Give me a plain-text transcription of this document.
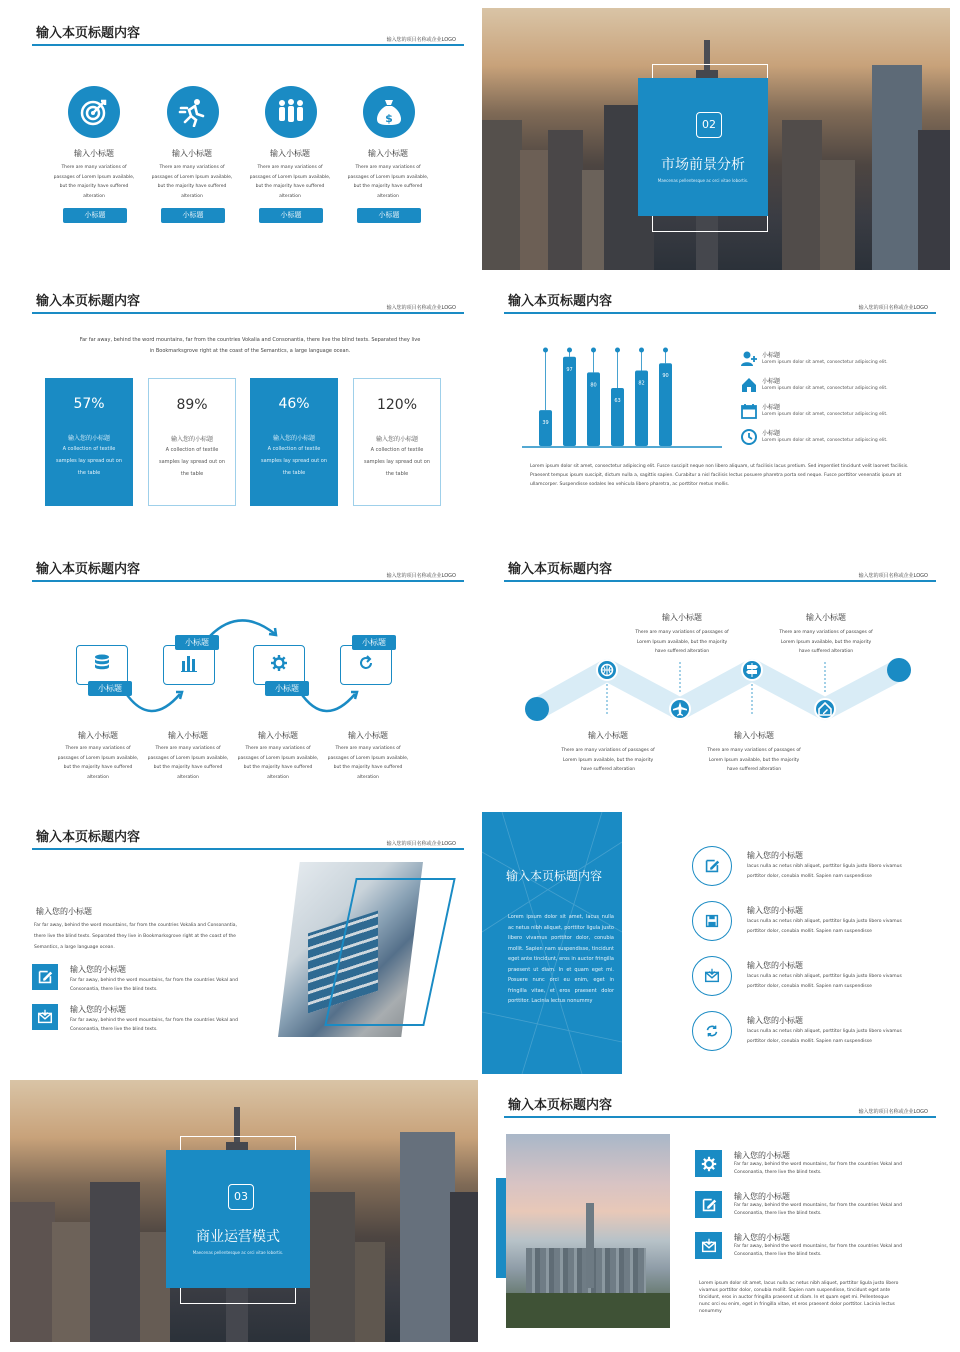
输入本页标题内容	输入您的项目名称或企业LOGO
$
输入小标题
There are many variations of
passages of Lorem Ipsum available,
but the majority have suffered
alteration
小标题
输入小标题
There are many variations of
passages of Lorem Ipsum available,
but the majority have suffered
alteration
小标题
输入小标题
There are many variations of
passages of Lorem Ipsum available,
but the majority have suffered
alteration
小标题
输入小标题
There are many variations of
passages of Lorem Ipsum available,
but the majority have suffered
alteration
小标题
02
市场前景分析
Maecenas pellentesque ac orci vitae lobortis.
输入本页标题内容	输入您的项目名称或企业LOGO
Far far away, behind the word mountains, far from the countries Vokalia and Consonantia, there live the blind texts. Separated they live
in Bookmarksgrove right at the coast of the Semantics, a large language ocean.
57%
输入您的小标题
A collection of textile
samples lay spread out on
the table
89%
输入您的小标题
A collection of textile
samples lay spread out on
the table
46%
输入您的小标题
A collection of textile
samples lay spread out on
the table
120%
输入您的小标题
A collection of textile
samples lay spread out on
the table
输入本页标题内容	输入您的项目名称或企业LOGO
39
97
80
63
82
90
小标题
Lorem ipsum dolor sit amet, consectetur adipiscing elit.
小标题
Lorem ipsum dolor sit amet, consectetur adipiscing elit.
小标题
Lorem ipsum dolor sit amet, consectetur adipiscing elit.
小标题
Lorem ipsum dolor sit amet, consectetur adipiscing elit.
Lorem ipsum dolor sit amet, consectetur adipiscing elit. Fusce suscipit neque non libero aliquam, ut facilisis lacus pretium. Sed imperdiet tincidunt velit laoreet facilisis.
Praesent tempus ipsum suscipit, dictum nulla a, sagittis sapien. Curabitur a nisl facilisis lectus posuere pharetra porta sed neque. Fusce porttitor venenatis ipsum at
ullamcorper. Suspendisse sodales leo vehicula libero pharetra, ac porttitor metus mollis.
输入本页标题内容	输入您的项目名称或企业LOGO
小标题
小标题
小标题
小标题
输入小标题
There are many variations of
passages of Lorem Ipsum available,
but the majority have suffered
alteration
输入小标题
There are many variations of
passages of Lorem Ipsum available,
but the majority have suffered
alteration
输入小标题
There are many variations of
passages of Lorem Ipsum available,
but the majority have suffered
alteration
输入小标题
There are many variations of
passages of Lorem Ipsum available,
but the majority have suffered
alteration
输入本页标题内容	输入您的项目名称或企业LOGO
输入小标题
There are many variations of passages of
Lorem Ipsum available, but the majority
have suffered alteration
输入小标题
There are many variations of passages of
Lorem Ipsum available, but the majority
have suffered alteration
输入小标题
There are many variations of passages of
Lorem Ipsum available, but the majority
have suffered alteration
输入小标题
There are many variations of passages of
Lorem Ipsum available, but the majority
have suffered alteration
输入本页标题内容	输入您的项目名称或企业LOGO
输入您的小标题
Far far away, behind the word mountains, far from the countries Vokalia and Consonantia,
there live the blind texts. Separated they live in Bookmarksgrove right at the coast of the
Semantics, a large language ocean.
输入您的小标题
Far far away, behind the word mountains, far from the countries Vokal and
Consonantia, there live the blind texts.
输入您的小标题
Far far away, behind the word mountains, far from the countries Vokal and
Consonantia, there live the blind texts.
输入本页标题内容
Lorem ipsum dolor sit amet, lacus nulla ac netus nibh aliquet, porttitor ligula justo libero vivamus porttitor dolor, conubia mollit. Sapien nam suspendisse, tincidunt eget ante tincidunt, eros in auctor fringilla praesent ut diam. In et quam eget mi. Posuere nunc orci eu enim, eget in fringilla vitae, et eros praesent dolor porttitor. Lacinia lectus nonummy
输入您的小标题
lacus nulla ac netus nibh aliquet, porttitor ligula justo libero vivamus
porttitor dolor, conubia mollit. Sapien nam suspendisse
输入您的小标题
lacus nulla ac netus nibh aliquet, porttitor ligula justo libero vivamus
porttitor dolor, conubia mollit. Sapien nam suspendisse
输入您的小标题
lacus nulla ac netus nibh aliquet, porttitor ligula justo libero vivamus
porttitor dolor, conubia mollit. Sapien nam suspendisse
输入您的小标题
lacus nulla ac netus nibh aliquet, porttitor ligula justo libero vivamus
porttitor dolor, conubia mollit. Sapien nam suspendisse
03
商业运营模式
Maecenas pellentesque ac orci vitae lobortis.
输入本页标题内容	输入您的项目名称或企业LOGO
输入您的小标题
Far far away, behind the word mountains, far from the countries Vokal and
Consonantia, there live the blind texts.
输入您的小标题
Far far away, behind the word mountains, far from the countries Vokal and
Consonantia, there live the blind texts.
输入您的小标题
Far far away, behind the word mountains, far from the countries Vokal and
Consonantia, there live the blind texts.
Lorem ipsum dolor sit amet, lacus nulla ac netus nibh aliquet, porttitor ligula justo libero
vivamus porttitor dolor, conubia mollit. Sapien nam suspendisse, tincidunt eget ante
tincidunt, eros in auctor fringilla praesent ut diam. In et quam eget mi. Pellentesque
nunc orci eu enim, eget in fringilla vitae, et eros praesent dolor porttitor. Lacinia lectus
nonummy
